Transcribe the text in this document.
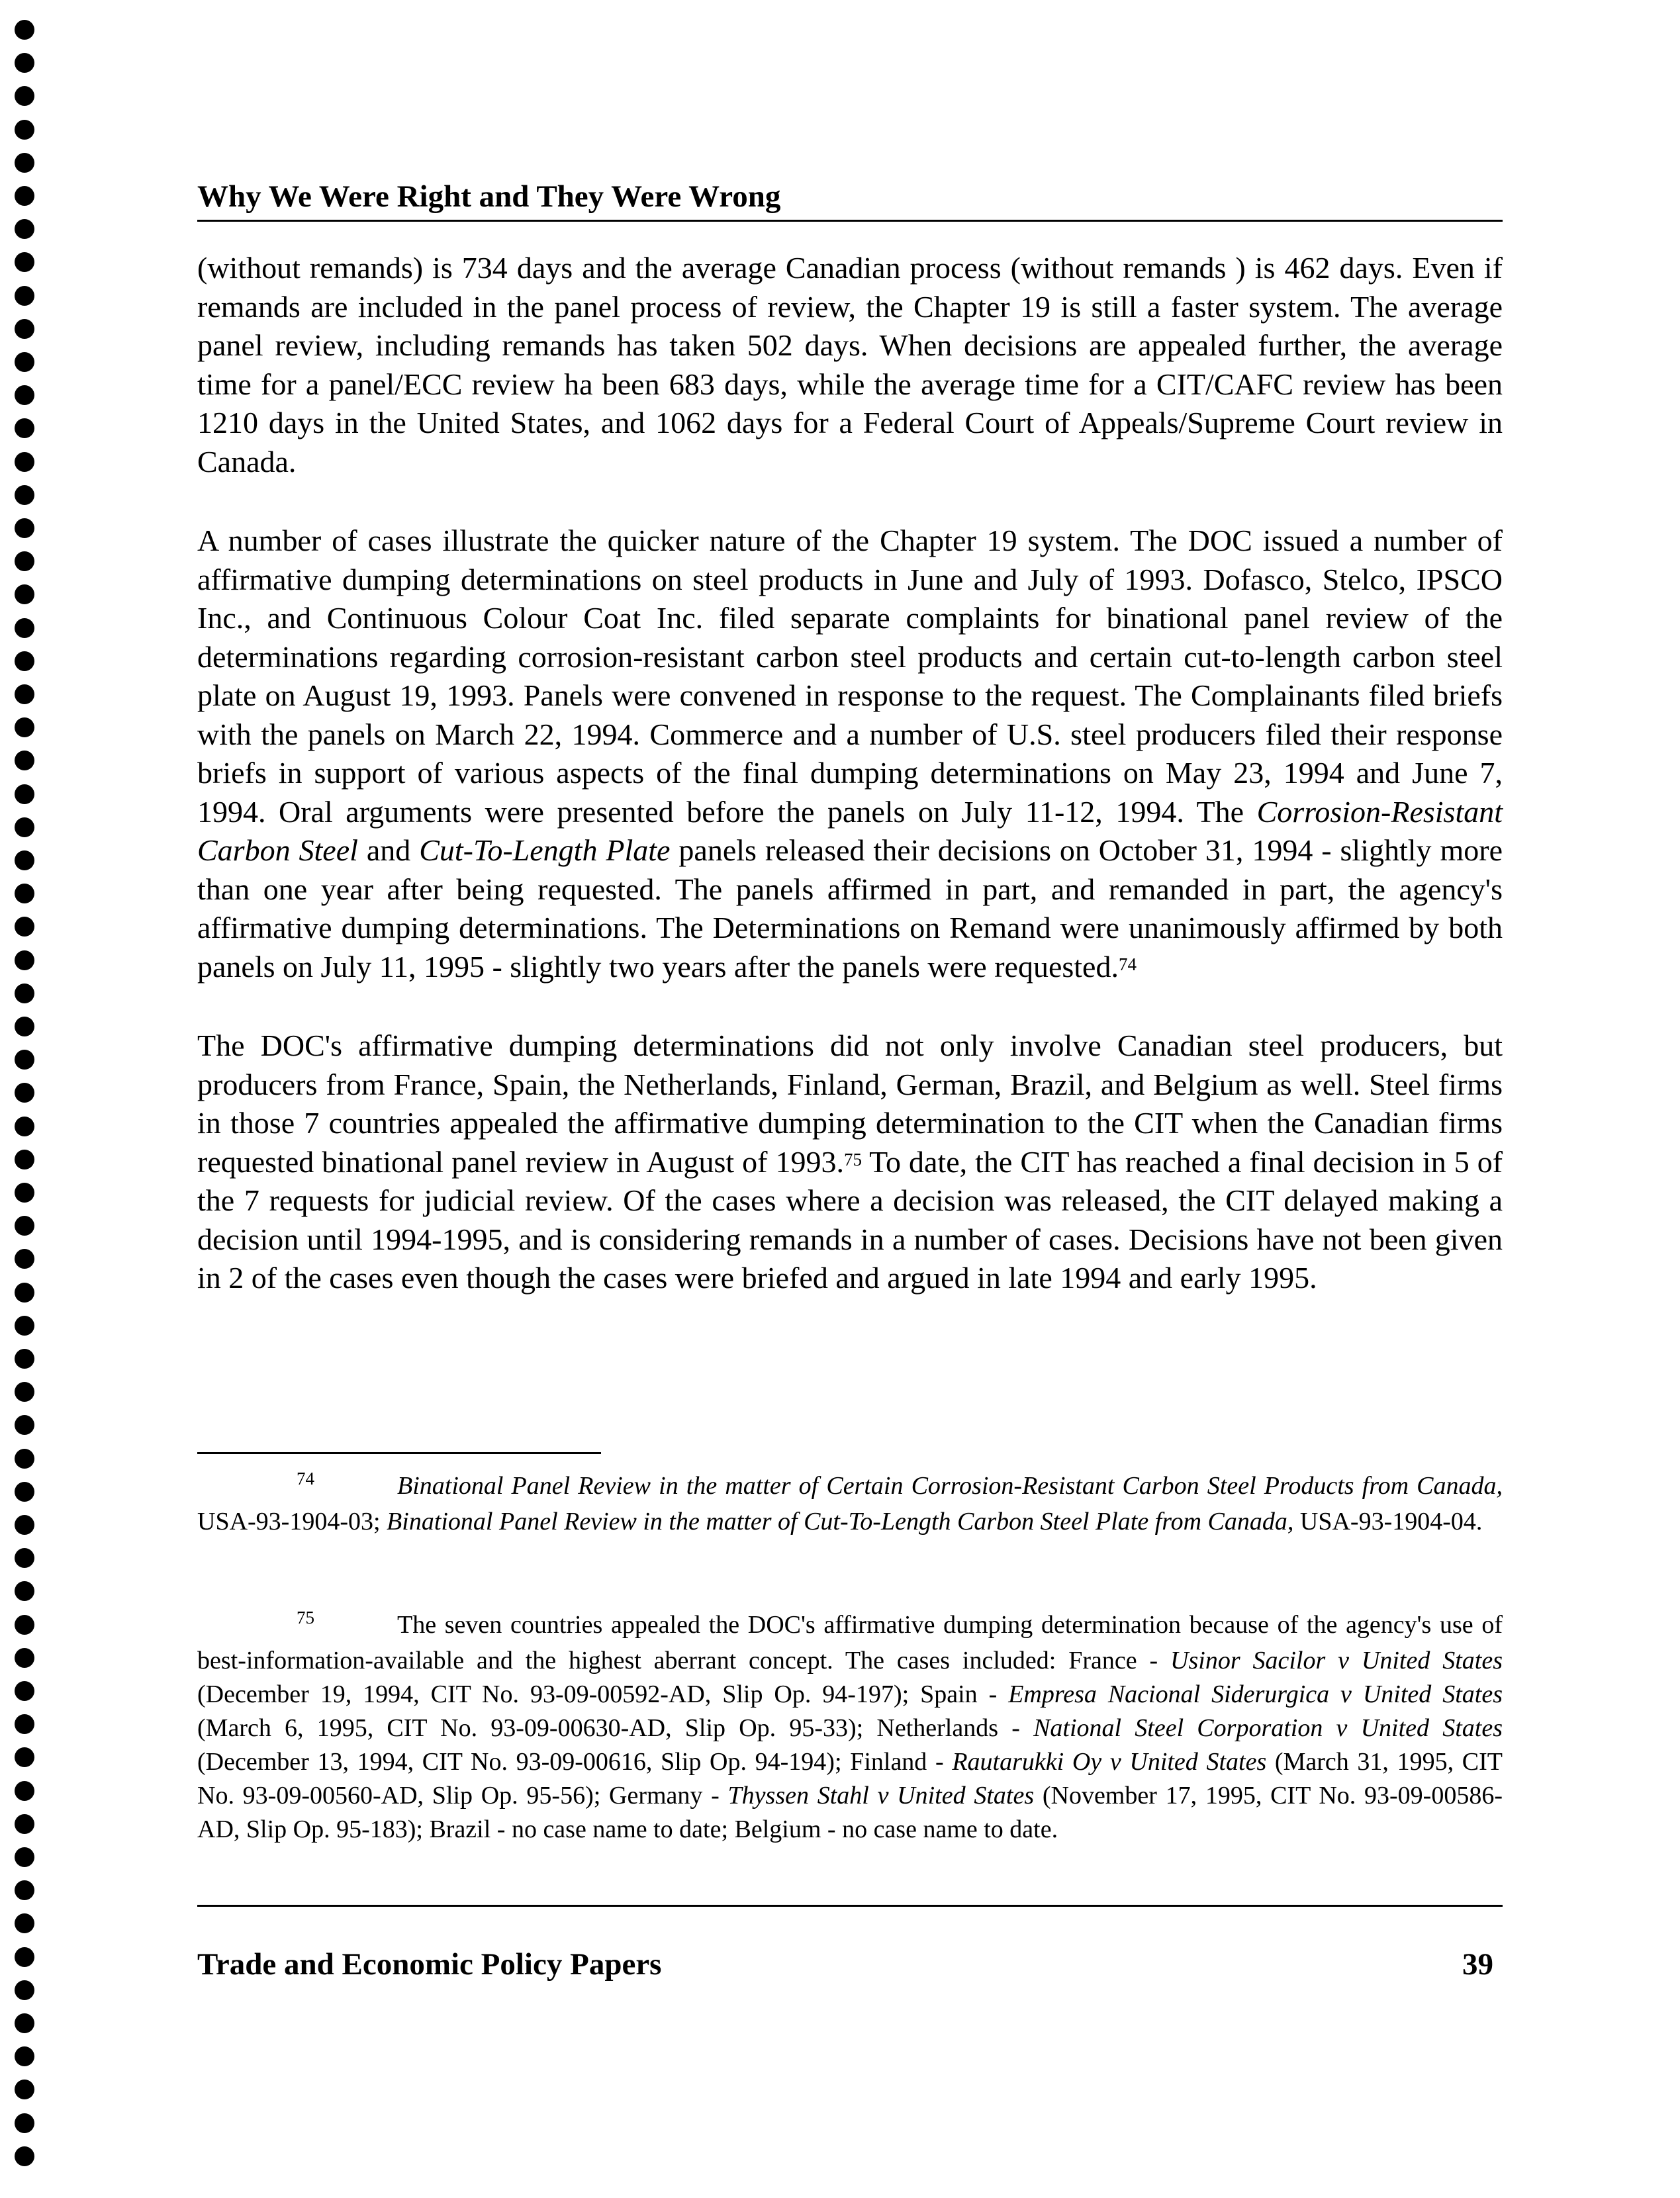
Why We Were Right and They Were Wrong

(without remands) is 734 days and the average Canadian process (without remands ) is 462 days. Even if remands are included in the panel process of review, the Chapter 19 is still a faster system. The average panel review, including remands has taken 502 days. When decisions are appealed further, the average time for a panel/ECC review ha been 683 days, while the average time for a CIT/CAFC review has been 1210 days in the United States, and 1062 days for a Federal Court of Appeals/Supreme Court review in Canada.

A number of cases illustrate the quicker nature of the Chapter 19 system. The DOC issued a number of affirmative dumping determinations on steel products in June and July of 1993. Dofasco, Stelco, IPSCO Inc., and Continuous Colour Coat Inc. filed separate complaints for binational panel review of the determinations regarding corrosion-resistant carbon steel products and certain cut-to-length carbon steel plate on August 19, 1993. Panels were convened in response to the request. The Complainants filed briefs with the panels on March 22, 1994. Commerce and a number of U.S. steel producers filed their response briefs in support of various aspects of the final dumping determinations on May 23, 1994 and June 7, 1994. Oral arguments were presented before the panels on July 11-12, 1994. The Corrosion-Resistant Carbon Steel and Cut-To-Length Plate panels released their decisions on October 31, 1994 - slightly more than one year after being requested. The panels affirmed in part, and remanded in part, the agency's affirmative dumping determinations. The Determinations on Remand were unanimously affirmed by both panels on July 11, 1995 - slightly two years after the panels were requested.$^{74}$

The DOC's affirmative dumping determinations did not only involve Canadian steel producers, but producers from France, Spain, the Netherlands, Finland, German, Brazil, and Belgium as well. Steel firms in those 7 countries appealed the affirmative dumping determination to the CIT when the Canadian firms requested binational panel review in August of 1993.75 To date, the CIT has reached a final decision in 5 of the 7 requests for judicial review. Of the cases where a decision was released, the CIT delayed making a decision until 1994-1995, and is considering remands in a number of cases. Decisions have not been given in 2 of the cases even though the cases were briefed and argued in late 1994 and early 1995.

74	Binational Panel Review in the matter of Certain Corrosion-Resistant Carbon Steel Products from Canada, USA-93-1904-03; Binational Panel Review in the matter of Cut-To-Length Carbon Steel Plate from Canada, USA-93-1904-04.
75	The seven countries appealed the DOC's affirmative dumping determination because of the agency's use of best-information-available and the highest aberrant concept. The cases included: France - Usinor Sacilor v United States (December 19, 1994, CIT No. 93-09-00592-AD, Slip Op. 94-197); Spain - Empresa Nacional Siderurgica v United States (March 6, 1995, CIT No. 93-09-00630-AD, Slip Op. 95-33); Netherlands - National Steel Corporation v United States (December 13, 1994, CIT No. 93-09-00616, Slip Op. 94-194); Finland - Rautarukki Oy v United States (March 31, 1995, CIT No. 93-09-00560-AD, Slip Op. 95-56); Germany - Thyssen Stahl v United States (November 17, 1995, CIT No. 93-09-00586-AD, Slip Op. 95-183); Brazil - no case name to date; Belgium - no case name to date.
Trade and Economic Policy Papers	39
